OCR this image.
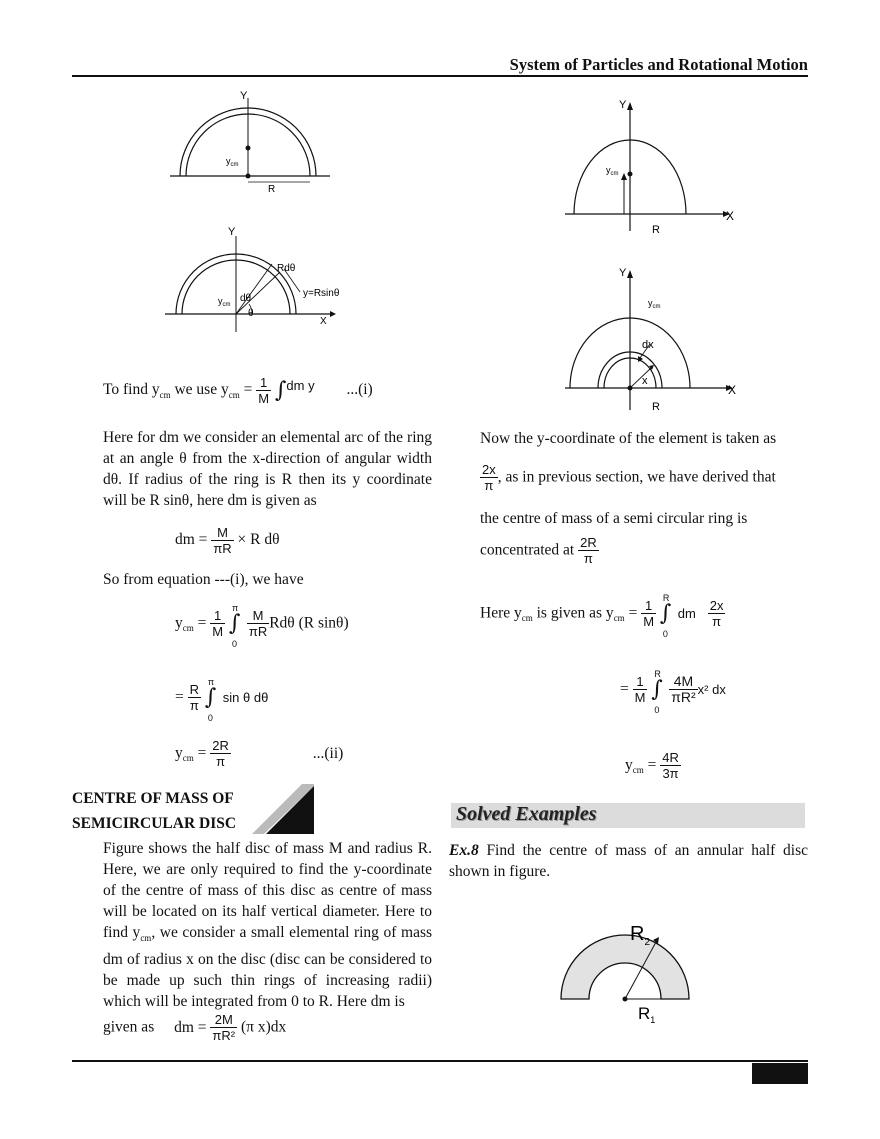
System of Particles and Rotational Motion
Y
$y_{cm}$
R
Y
X
Rdθ
y=Rsinθ
dθ
θ
$y_{cm}$
Y
X
$y_{cm}$
R
Y
X
$y_{cm}$
dx
x
R
To find $y_{cm}$ we use $y_{cm} = \frac{1}{M} \int^{dm y}$ ...(i)
Here for dm we consider an elemental arc of the ring at an angle θ from the x-direction of angular width dθ. If radius of the ring is R then its y coordinate will be R sinθ, here dm is given as
dm = $\frac{M}{\pi R} \times R$ dθ
So from equation ---(i), we have
$y_{cm} = \frac{1}{M}$ ∫
π
0

$\frac{M}{\pi R}$ Rdθ (R sinθ)
= $\frac{R}{\pi}$ ∫
π
0
sin θ dθ
$y_{cm} = \frac{2R}{\pi}$	...(ii)
CENTRE OF MASS OF
SEMICIRCULAR DISC
Figure shows the half disc of mass M and radius R. Here, we are only required to find the y-coordinate of the centre of mass of this disc as centre of mass will be located on its half vertical diameter. Here to find $y_{cm}$, we consider a small elemental ring of mass dm of radius x on the disc (disc can be considered to be made up such thin rings of increasing radii) which will be integrated from 0 to R. Here dm is
given as dm = $\frac{2M}{\text{πR²}} (\pi$ x)dx
Now the y-coordinate of the element is taken as
$\frac{2x}{\pi}$ , as in previous section, we have derived that
the centre of mass of a semi circular ring is
concentrated at $\frac{2R}{\pi}$
Here $y_{cm}$ is given as $y_{cm} = \frac{1}{M}$ ∫
R
0
dm $\frac{2x}{\pi}$
= $\frac{1}{M}$ ∫
R
0

$\frac{4M}{\text{πR²}} x^2$ dx
$y_{cm} = \frac{4R}{3\pi}$
Solved Examples
Ex.8 Find the centre of mass of an annular half disc shown in figure.
$R_2$
$R_1$
